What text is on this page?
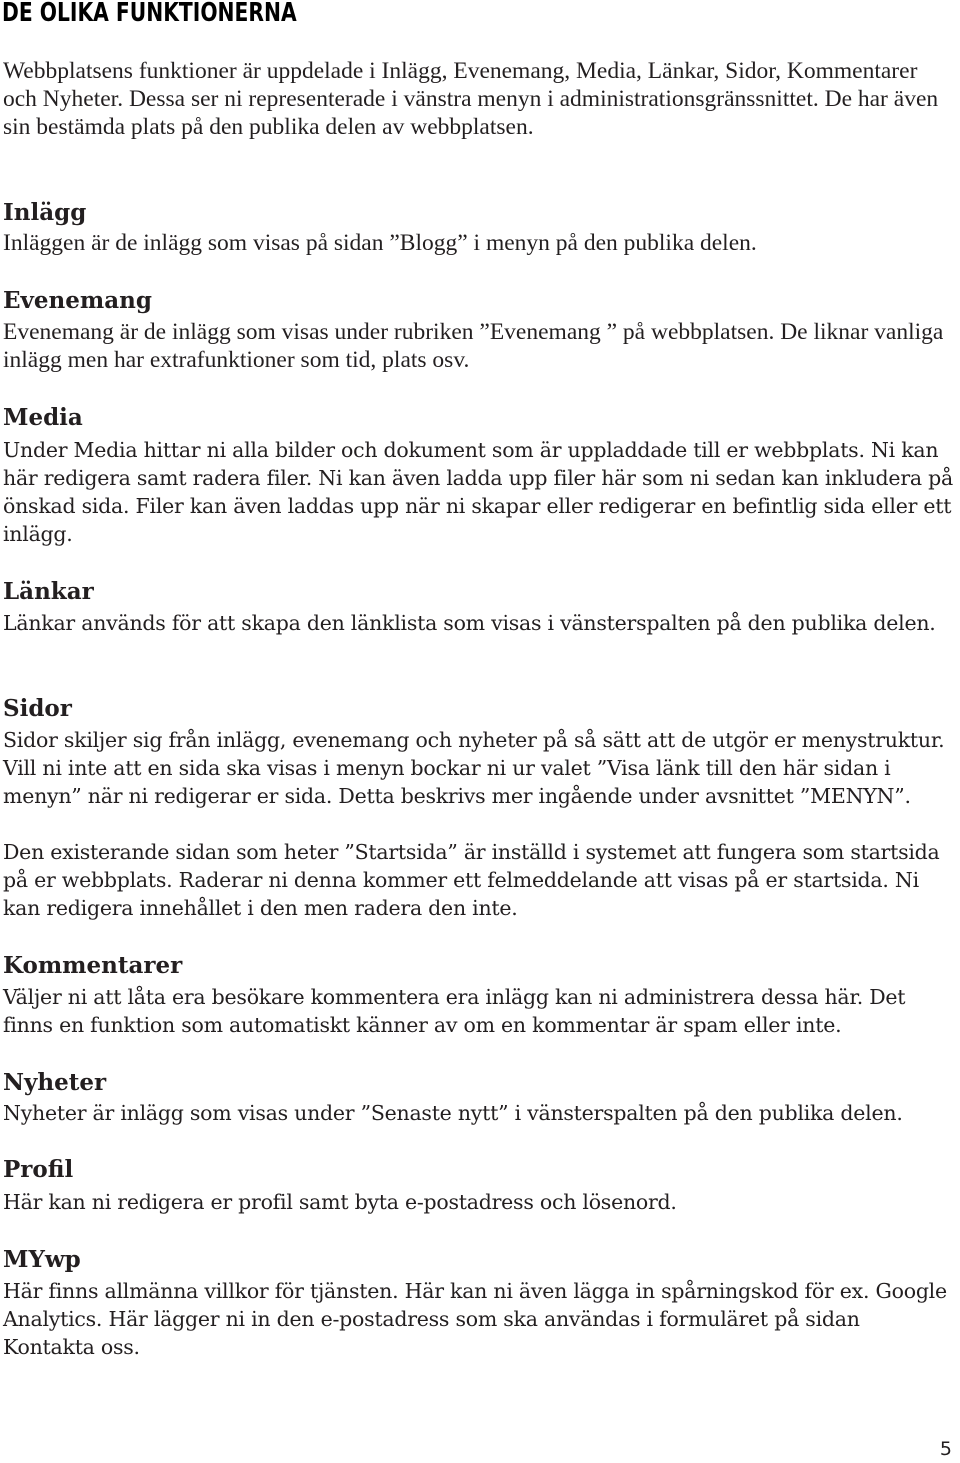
DE OLIKA FUNKTIONERNA

Webbplatsens funktioner är uppdelade i Inlägg, Evenemang, Media, Länkar, Sidor, Kommentarer och Nyheter. Dessa ser ni representerade i vänstra menyn i administrationsgränssnittet. De har även sin bestämda plats på den publika delen av webbplatsen.

Inlägg

Inläggen är de inlägg som visas på sidan ”Blogg” i menyn på den publika delen.

Evenemang

Evenemang är de inlägg som visas under rubriken ”Evenemang ” på webbplatsen. De liknar vanliga inlägg men har extrafunktioner som tid, plats osv.

Media

Under Media hittar ni alla bilder och dokument som är uppladdade till er webbplats. Ni kan här redigera samt radera filer. Ni kan även ladda upp filer här som ni sedan kan inkludera på önskad sida. Filer kan även laddas upp när ni skapar eller redigerar en befintlig sida eller ett inlägg.

Länkar

Länkar används för att skapa den länklista som visas i vänsterspalten på den publika delen.

Sidor

Sidor skiljer sig från inlägg, evenemang och nyheter på så sätt att de utgör er menystruktur. Vill ni inte att en sida ska visas i menyn bockar ni ur valet ”Visa länk till den här sidan i menyn” när ni redigerar er sida. Detta beskrivs mer ingående under avsnittet ”MENYN”.

Den existerande sidan som heter ”Startsida” är inställd i systemet att fungera som startsida på er webbplats. Raderar ni denna kommer ett felmeddelande att visas på er startsida. Ni kan redigera innehållet i den men radera den inte.

Kommentarer

Väljer ni att låta era besökare kommentera era inlägg kan ni administrera dessa här. Det finns en funktion som automatiskt känner av om en kommentar är spam eller inte.

Nyheter

Nyheter är inlägg som visas under ”Senaste nytt” i vänsterspalten på den publika delen.

Profil

Här kan ni redigera er profil samt byta e-postadress och lösenord.

MYwp

Här finns allmänna villkor för tjänsten. Här kan ni även lägga in spårningskod för ex. Google Analytics. Här lägger ni in den e-postadress som ska användas i formuläret på sidan Kontakta oss.

5
